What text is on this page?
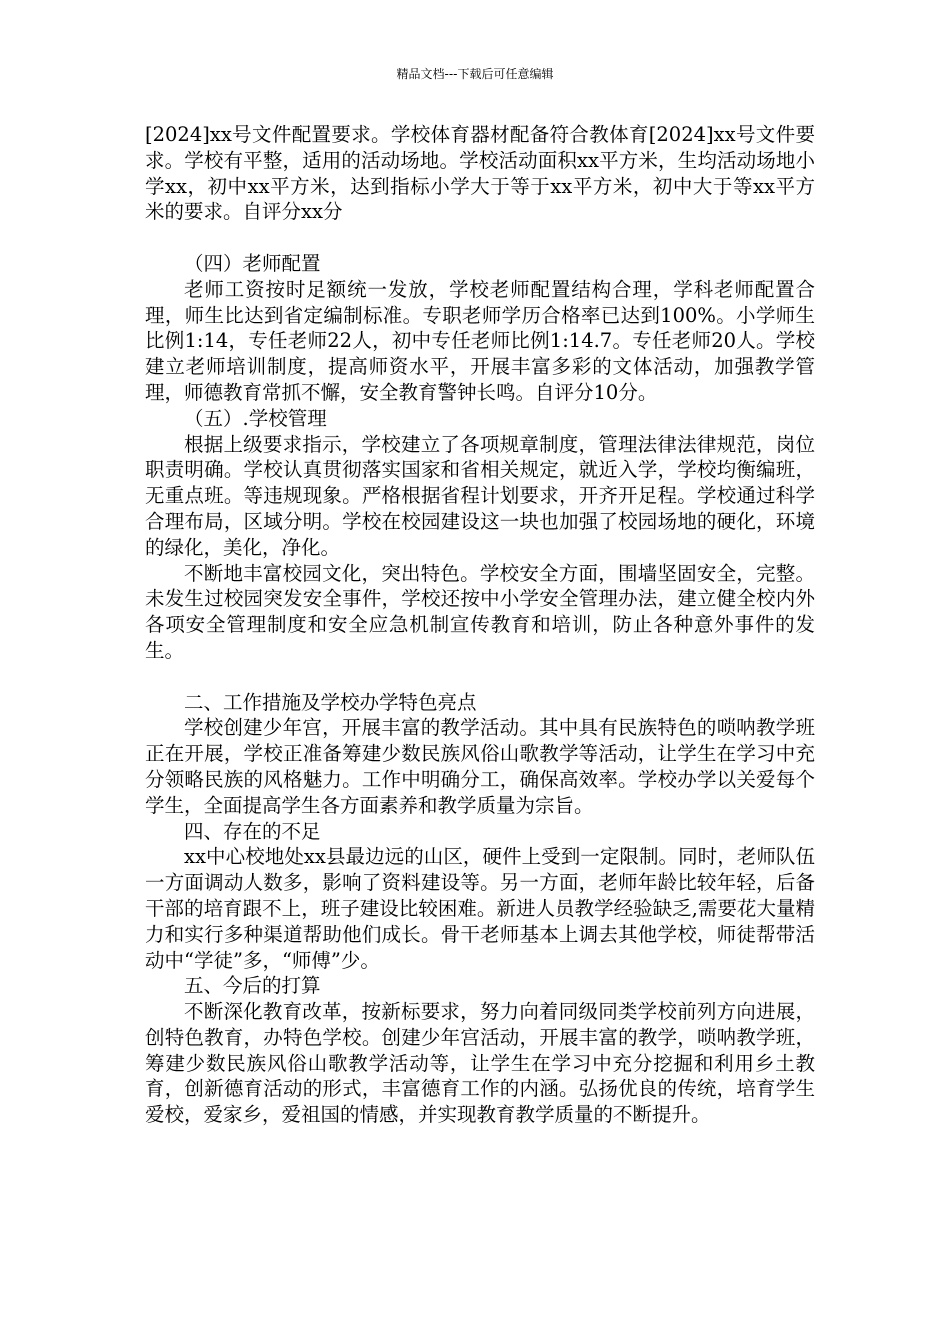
精品文档---下载后可任意编辑

[2024]xx号文件配置要求。学校体育器材配备符合教体育[2024]xx号文件要求。学校有平整，适用的活动场地。学校活动面积xx平方米，生均活动场地小学xx，初中xx平方米，达到指标小学大于等于xx平方米，初中大于等xx平方米的要求。自评分xx分

（四）老师配置

老师工资按时足额统一发放，学校老师配置结构合理，学科老师配置合理，师生比达到省定编制标准。专职老师学历合格率已达到100%。小学师生比例1:14，专任老师22人，初中专任老师比例1:14.7。专任老师20人。学校建立老师培训制度，提高师资水平，开展丰富多彩的文体活动，加强教学管理，师德教育常抓不懈，安全教育警钟长鸣。自评分10分。

（五）.学校管理

根据上级要求指示，学校建立了各项规章制度，管理法律法律规范，岗位职责明确。学校认真贯彻落实国家和省相关规定，就近入学，学校均衡编班，无重点班。等违规现象。严格根据省程计划要求，开齐开足程。学校通过科学合理布局，区域分明。学校在校园建设这一块也加强了校园场地的硬化，环境的绿化，美化，净化。

不断地丰富校园文化，突出特色。学校安全方面，围墙坚固安全，完整。未发生过校园突发安全事件，学校还按中小学安全管理办法，建立健全校内外各项安全管理制度和安全应急机制宣传教育和培训，防止各种意外事件的发生。

二、工作措施及学校办学特色亮点

学校创建少年宫，开展丰富的教学活动。其中具有民族特色的唢呐教学班正在开展，学校正准备筹建少数民族风俗山歌教学等活动，让学生在学习中充分领略民族的风格魅力。工作中明确分工，确保高效率。学校办学以关爱每个学生，全面提高学生各方面素养和教学质量为宗旨。

四、存在的不足

xx中心校地处xx县最边远的山区，硬件上受到一定限制。同时，老师队伍一方面调动人数多，影响了资料建设等。另一方面，老师年龄比较年轻，后备干部的培育跟不上，班子建设比较困难。新进人员教学经验缺乏,需要花大量精力和实行多种渠道帮助他们成长。骨干老师基本上调去其他学校，师徒帮带活动中“学徒”多，“师傅”少。

五、今后的打算

不断深化教育改革，按新标要求，努力向着同级同类学校前列方向进展，创特色教育，办特色学校。创建少年宫活动，开展丰富的教学，唢呐教学班，筹建少数民族风俗山歌教学活动等，让学生在学习中充分挖掘和利用乡土教育，创新德育活动的形式，丰富德育工作的内涵。弘扬优良的传统，培育学生爱校，爱家乡，爱祖国的情感，并实现教育教学质量的不断提升。
